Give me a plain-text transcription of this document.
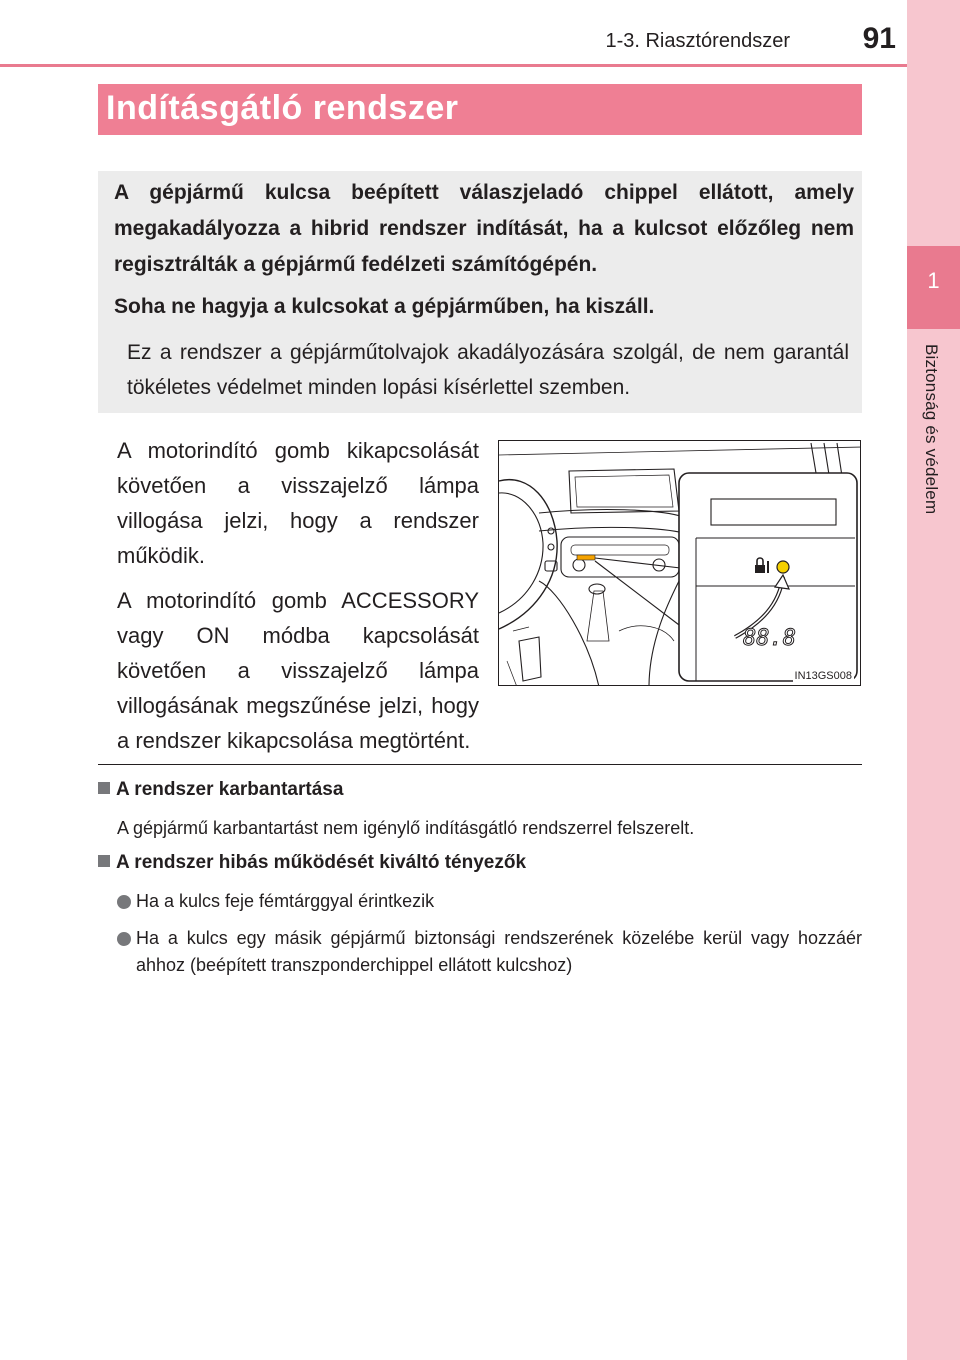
1
Biztonság és védelem
1-3. Riasztórendszer 91
Indításgátló rendszer
A gépjármű kulcsa beépített válaszjeladó chippel ellátott, amely megakadályozza a hibrid rendszer indítását, ha a kulcsot előzőleg nem regisztrálták a gépjármű fedélzeti számítógépén.
Soha ne hagyja a kulcsokat a gépjárműben, ha kiszáll.
Ez a rendszer a gépjárműtolvajok akadályozására szolgál, de nem garantál tökéletes védelmet minden lopási kísérlettel szemben.

A motorindító gomb kikapcsolását követően a visszajelző lámpa villogása jelzi, hogy a rendszer működik.

A motorindító gomb ACCESSORY vagy ON módba kapcsolását követően a visszajelző lámpa villogásának megszűnése jelzi, hogy a rendszer kikapcsolása megtörtént.

88.8
IN13GS008
A rendszer karbantartása
A gépjármű karbantartást nem igénylő indításgátló rendszerrel felszerelt.
A rendszer hibás működését kiváltó tényezők
Ha a kulcs feje fémtárggyal érintkezik
Ha a kulcs egy másik gépjármű biztonsági rendszerének közelébe kerül vagy hozzáér ahhoz (beépített transzponderchippel ellátott kulcshoz)
